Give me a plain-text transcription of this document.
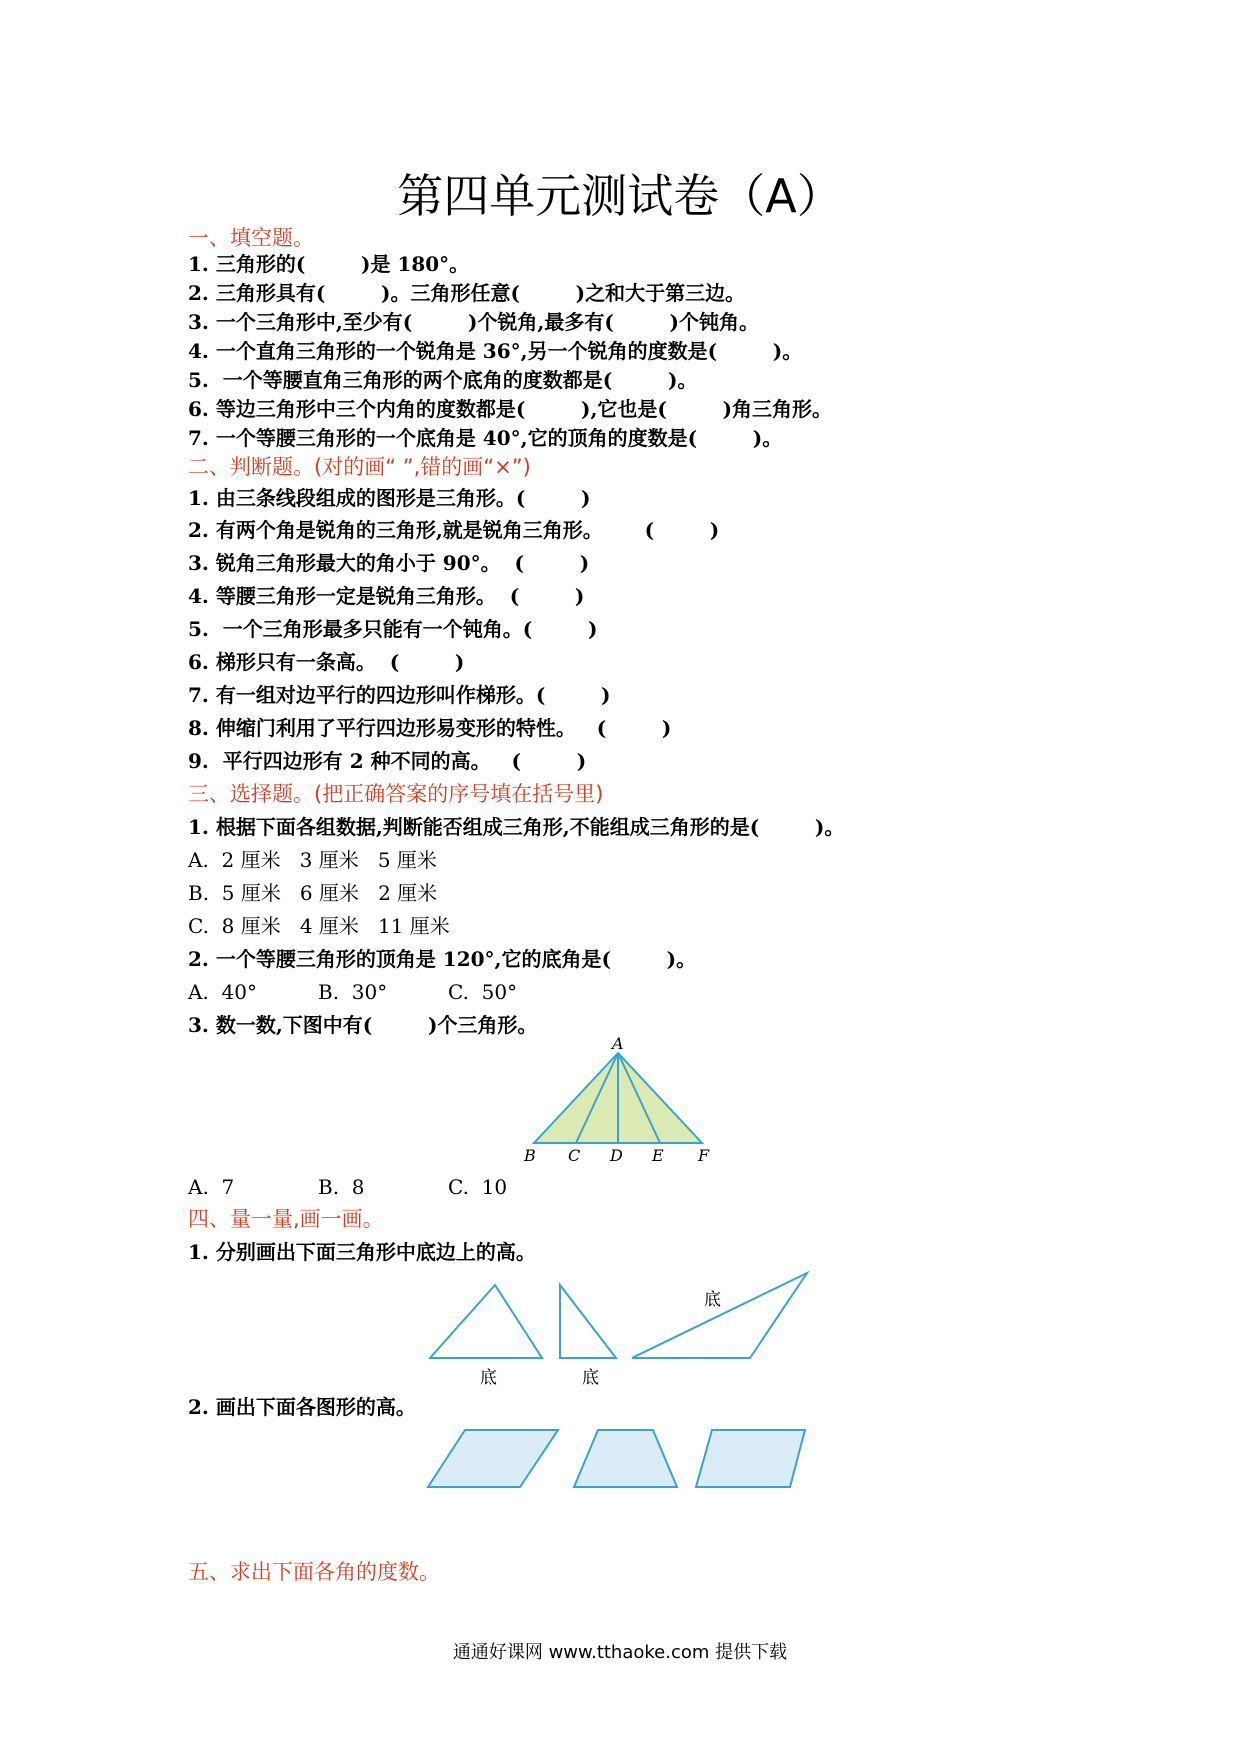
第四单元测试卷（A）
一、填空题。
1. 三角形的(        )是 180°。
2. 三角形具有(        )。三角形任意(        )之和大于第三边。
3. 一个三角形中,至少有(        )个锐角,最多有(        )个钝角。
4. 一个直角三角形的一个锐角是 36°,另一个锐角的度数是(        )。
5.  一个等腰直角三角形的两个底角的度数都是(        )。
6. 等边三角形中三个内角的度数都是(        ),它也是(        )角三角形。
7. 一个等腰三角形的一个底角是 40°,它的顶角的度数是(        )。
二、判断题。(对的画“ ”,错的画“×”)
1. 由三条线段组成的图形是三角形。(        )
2. 有两个角是锐角的三角形,就是锐角三角形。      (        )
3. 锐角三角形最大的角小于 90°。  (        )
4. 等腰三角形一定是锐角三角形。  (        )
5.  一个三角形最多只能有一个钝角。(        )
6. 梯形只有一条高。  (        )
7. 有一组对边平行的四边形叫作梯形。(        )
8. 伸缩门利用了平行四边形易变形的特性。   (        )
9.  平行四边形有 2 种不同的高。   (        )
三、选择题。(把正确答案的序号填在括号里)
1. 根据下面各组数据,判断能否组成三角形,不能组成三角形的是(        )。
A.  2 厘米   3 厘米   5 厘米
B.  5 厘米   6 厘米   2 厘米
C.  8 厘米   4 厘米   11 厘米
2. 一个等腰三角形的顶角是 120°,它的底角是(        )。
A.  40°	B.  30°	C.  50°
3. 数一数,下图中有(        )个三角形。
A
B C D E F
A.  7	B.  8	C.  10
四、量一量,画一画。
1. 分别画出下面三角形中底边上的高。
底	底
底
2. 画出下面各图形的高。
五、求出下面各角的度数。
通通好课网 www.tthaoke.com 提供下载
